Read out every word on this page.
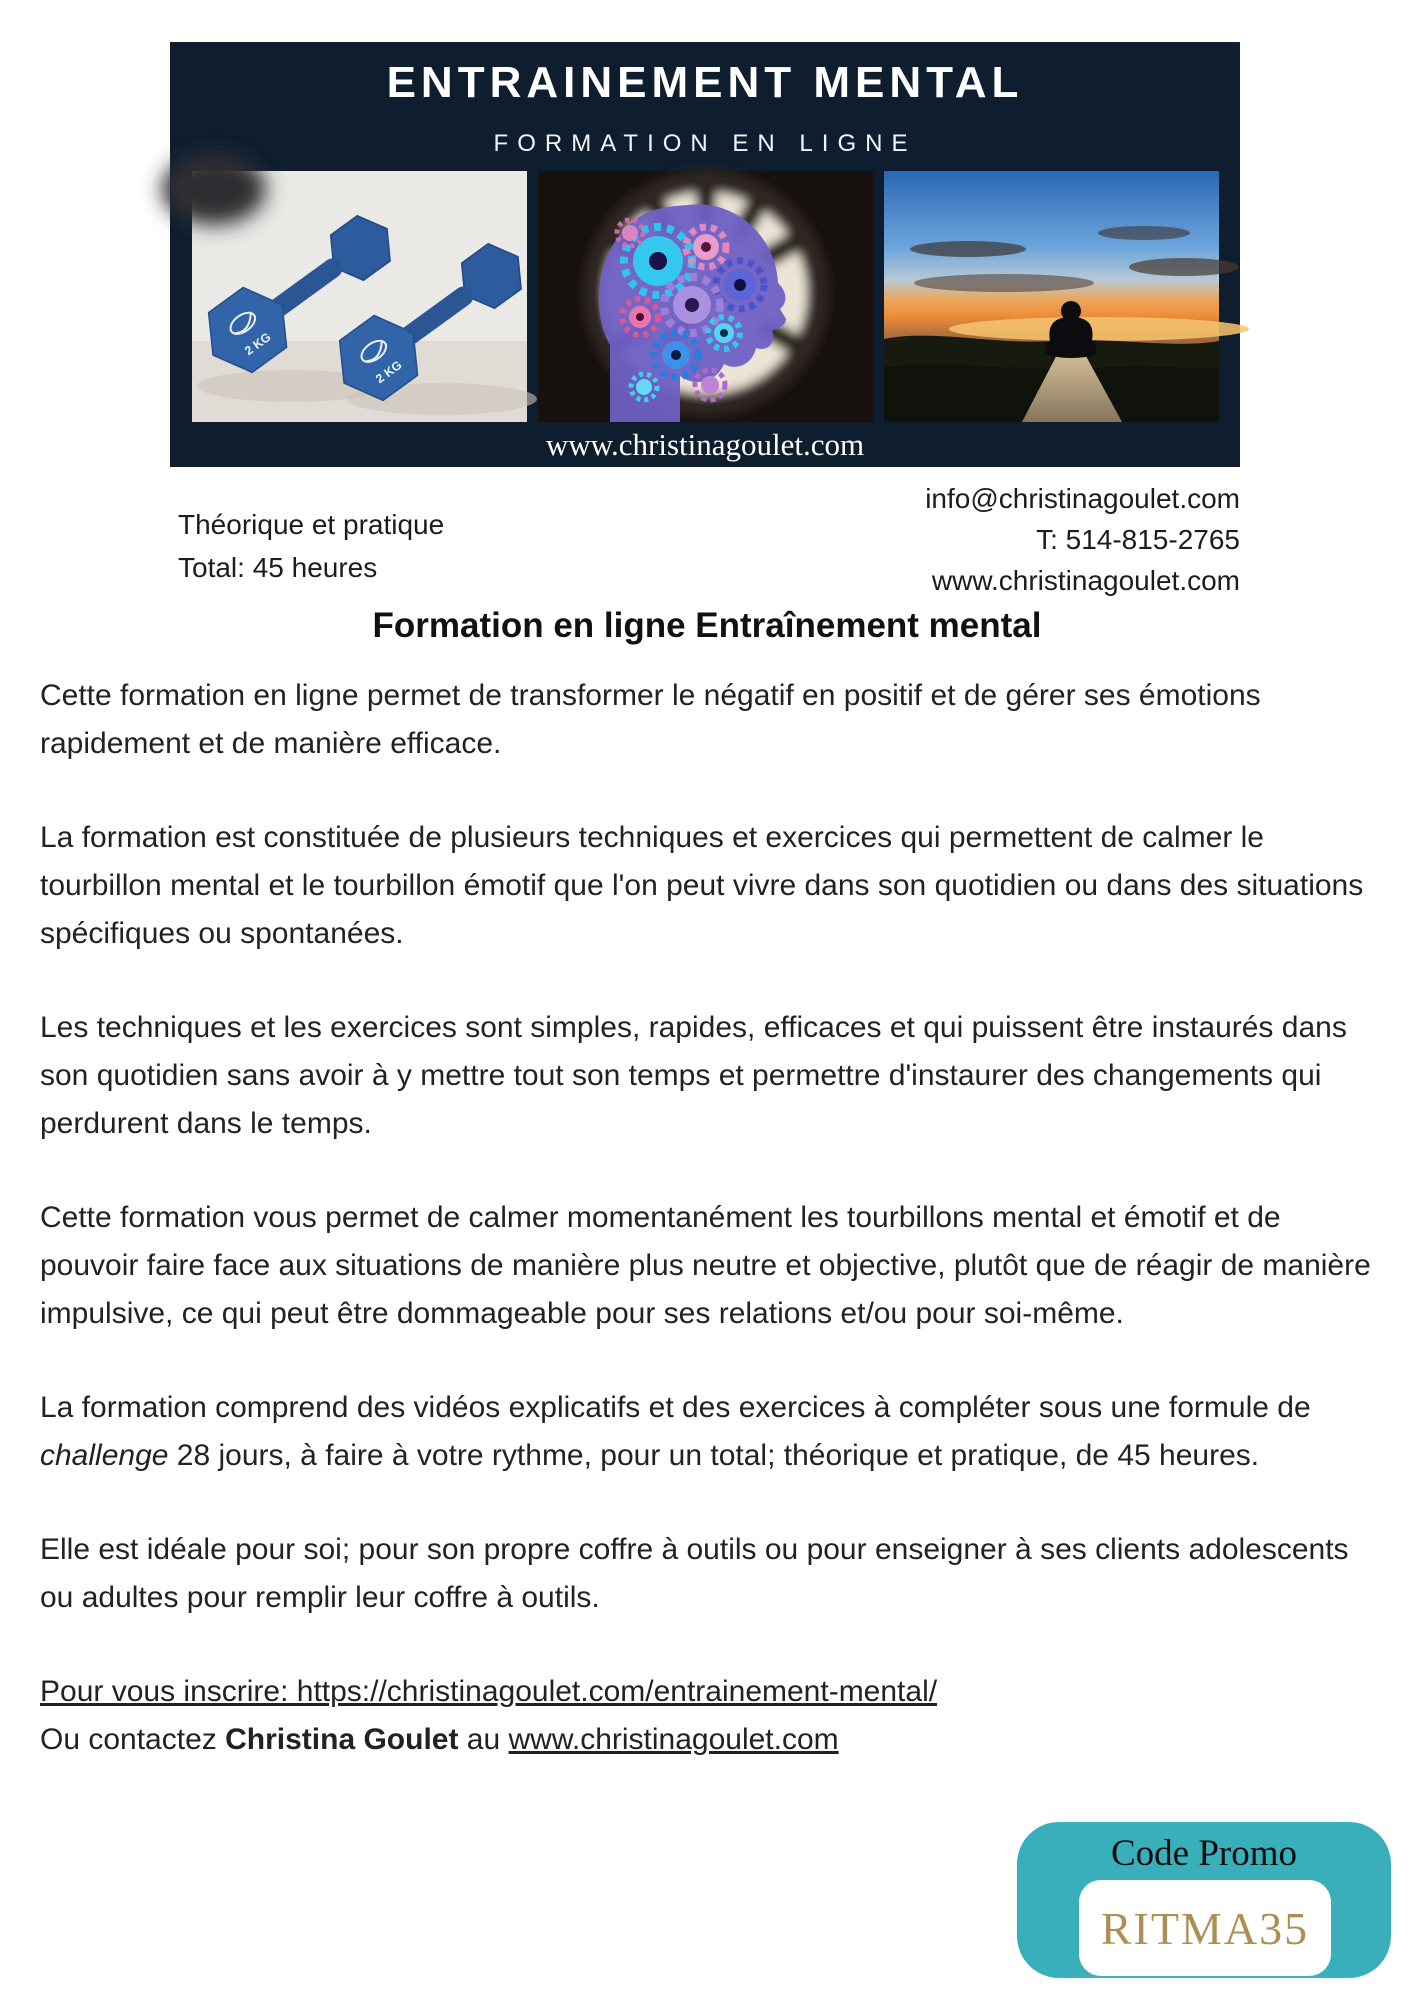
ENTRAINEMENT MENTAL
FORMATION EN LIGNE
2 KG
www.christinagoulet.com
Théorique et pratique
Total: 45 heures
info@christinagoulet.com
T: 514-815-2765
www.christinagoulet.com
Formation en ligne Entraînement mental

Cette formation en ligne permet de transformer le négatif en positif et de gérer ses émotions rapidement et de manière efficace.

La formation est constituée de plusieurs techniques et exercices qui permettent de calmer le tourbillon mental et le tourbillon émotif que l'on peut vivre dans son quotidien ou dans des situations spécifiques ou spontanées.

Les techniques et les exercices sont simples, rapides, efficaces et qui puissent être instaurés dans son quotidien sans avoir à y mettre tout son temps et permettre d'instaurer des changements qui perdurent dans le temps.

Cette formation vous permet de calmer momentanément les tourbillons mental et émotif et de pouvoir faire face aux situations de manière plus neutre et objective, plutôt que de réagir de manière impulsive, ce qui peut être dommageable pour ses relations et/ou pour soi-même.

La formation comprend des vidéos explicatifs et des exercices à compléter sous une formule de challenge 28 jours, à faire à votre rythme, pour un total; théorique et pratique, de 45 heures.

Elle est idéale pour soi; pour son propre coffre à outils ou pour enseigner à ses clients adolescents ou adultes pour remplir leur coffre à outils.

Pour vous inscrire: https://christinagoulet.com/entrainement-mental/
Ou contactez Christina Goulet au www.christinagoulet.com

Code Promo
RITMA35
